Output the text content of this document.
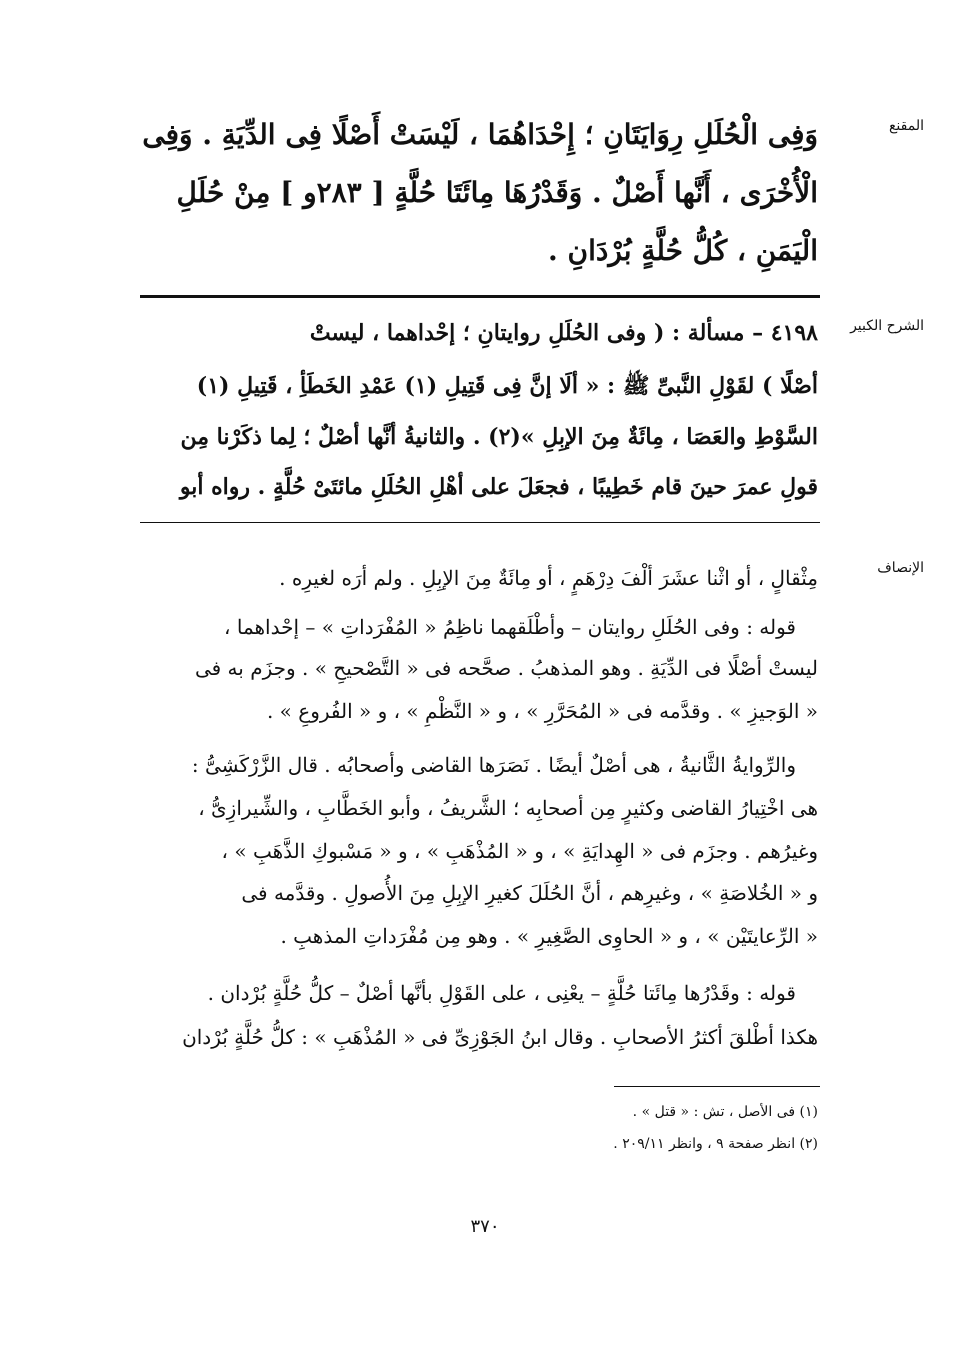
المقنع
وَفِى الْحُلَلِ رِوَايَتَانِ ؛ إِحْدَاهُمَا ، لَيْسَتْ أَصْلًا فِى الدِّيَةِ . وَفِى
الْأُخْرَى ، أَنَّها أَصْلٌ . وَقَدْرُهَا مِائَتَا حُلَّةٍ [ ٢٨٣و ] مِنْ حُلَلِ
الْيَمَنِ ، كُلُّ حُلَّةٍ بُرْدَانِ .
الشرح الكبير
٤١٩٨ – مسألة : ( وفى الحُلَلِ روايتانِ ؛ إحْداهما ، ليستْ
أصْلًا ) لقَوْلِ النَّبىِّ ﷺ : « ألَا إنَّ فِى قَتِيلِ (١) عَمْدِ الخَطَأِ ، قَتِيلِ (١)
السَّوْطِ والعَصَا ، مِائَةٌ مِنَ الإبِلِ »(٢) . والثانيةُ أنَّها أصْلٌ ؛ لِما ذكَرْنا مِن
قولِ عمرَ حينَ قام خَطِيبًا ، فجعَلَ على أهْلِ الحُلَلِ مائتَىْ حُلَّةٍ . رواه أبو
الإنصاف
مِثْقالٍ ، أو اثْنا عشَرَ ألْفَ دِرْهَمٍ ، أو مِائَةٌ مِنَ الإبِلِ . ولم أرَه لغيرِه .
قوله : وفى الحُلَلِ روايتان – وأطْلَقهما ناظِمُ « المُفْرَداتِ » – إحْداهما ،
ليستْ أصْلًا فى الدِّيَةِ . وهو المذهبُ . صحَّحه فى « التَّصْحيحِ » . وجزَم به فى
« الوَجيزِ » . وقدَّمه فى « المُحَرَّرِ » ، و « النَّظْمِ » ، و « الفُروعِ » .
والرِّوايةُ الثَّانيةُ ، هى أصْلٌ أيضًا . نَصَرَها القاضى وأصحابُه . قال الزَّرْكَشِىُّ :
هى اخْتِيارُ القاضى وكثيرٍ مِن أصحابِه ؛ الشَّريفُ ، وأبو الخَطَّابِ ، والشِّيرازِىُّ ،
وغيرُهم . وجزَم فى « الهِدايَةِ » ، و « المُذْهَبِ » ، و « مَسْبوكِ الذَّهَبِ » ،
و « الخُلاصَةِ » ، وغيرِهم ، أنَّ الحُلَلَ كغيرِ الإبِلِ مِنَ الأُصولِ . وقدَّمه فى
« الرِّعايتَيْن » ، و « الحاوِى الصَّغِيرِ » . وهو مِن مُفْرَداتِ المذهبِ .
قوله : وقَدْرُها مِائَتا حُلَّةٍ – يعْنِى ، على القَوْلِ بأنَّها أصْلٌ – كلُّ حُلَّةٍ بُرْدان .
هكذا أطْلقَ أكثرُ الأصحابِ . وقال ابنُ الجَوْزِىِّ فى « المُذْهَبِ » : كلُّ حُلَّةٍ بُرْدان
(١) فى الأصل ، تش : « قتل » .
(٢) انظر صفحة ٩ ، وانظر ٢٠٩/١١ .
٣٧٠
